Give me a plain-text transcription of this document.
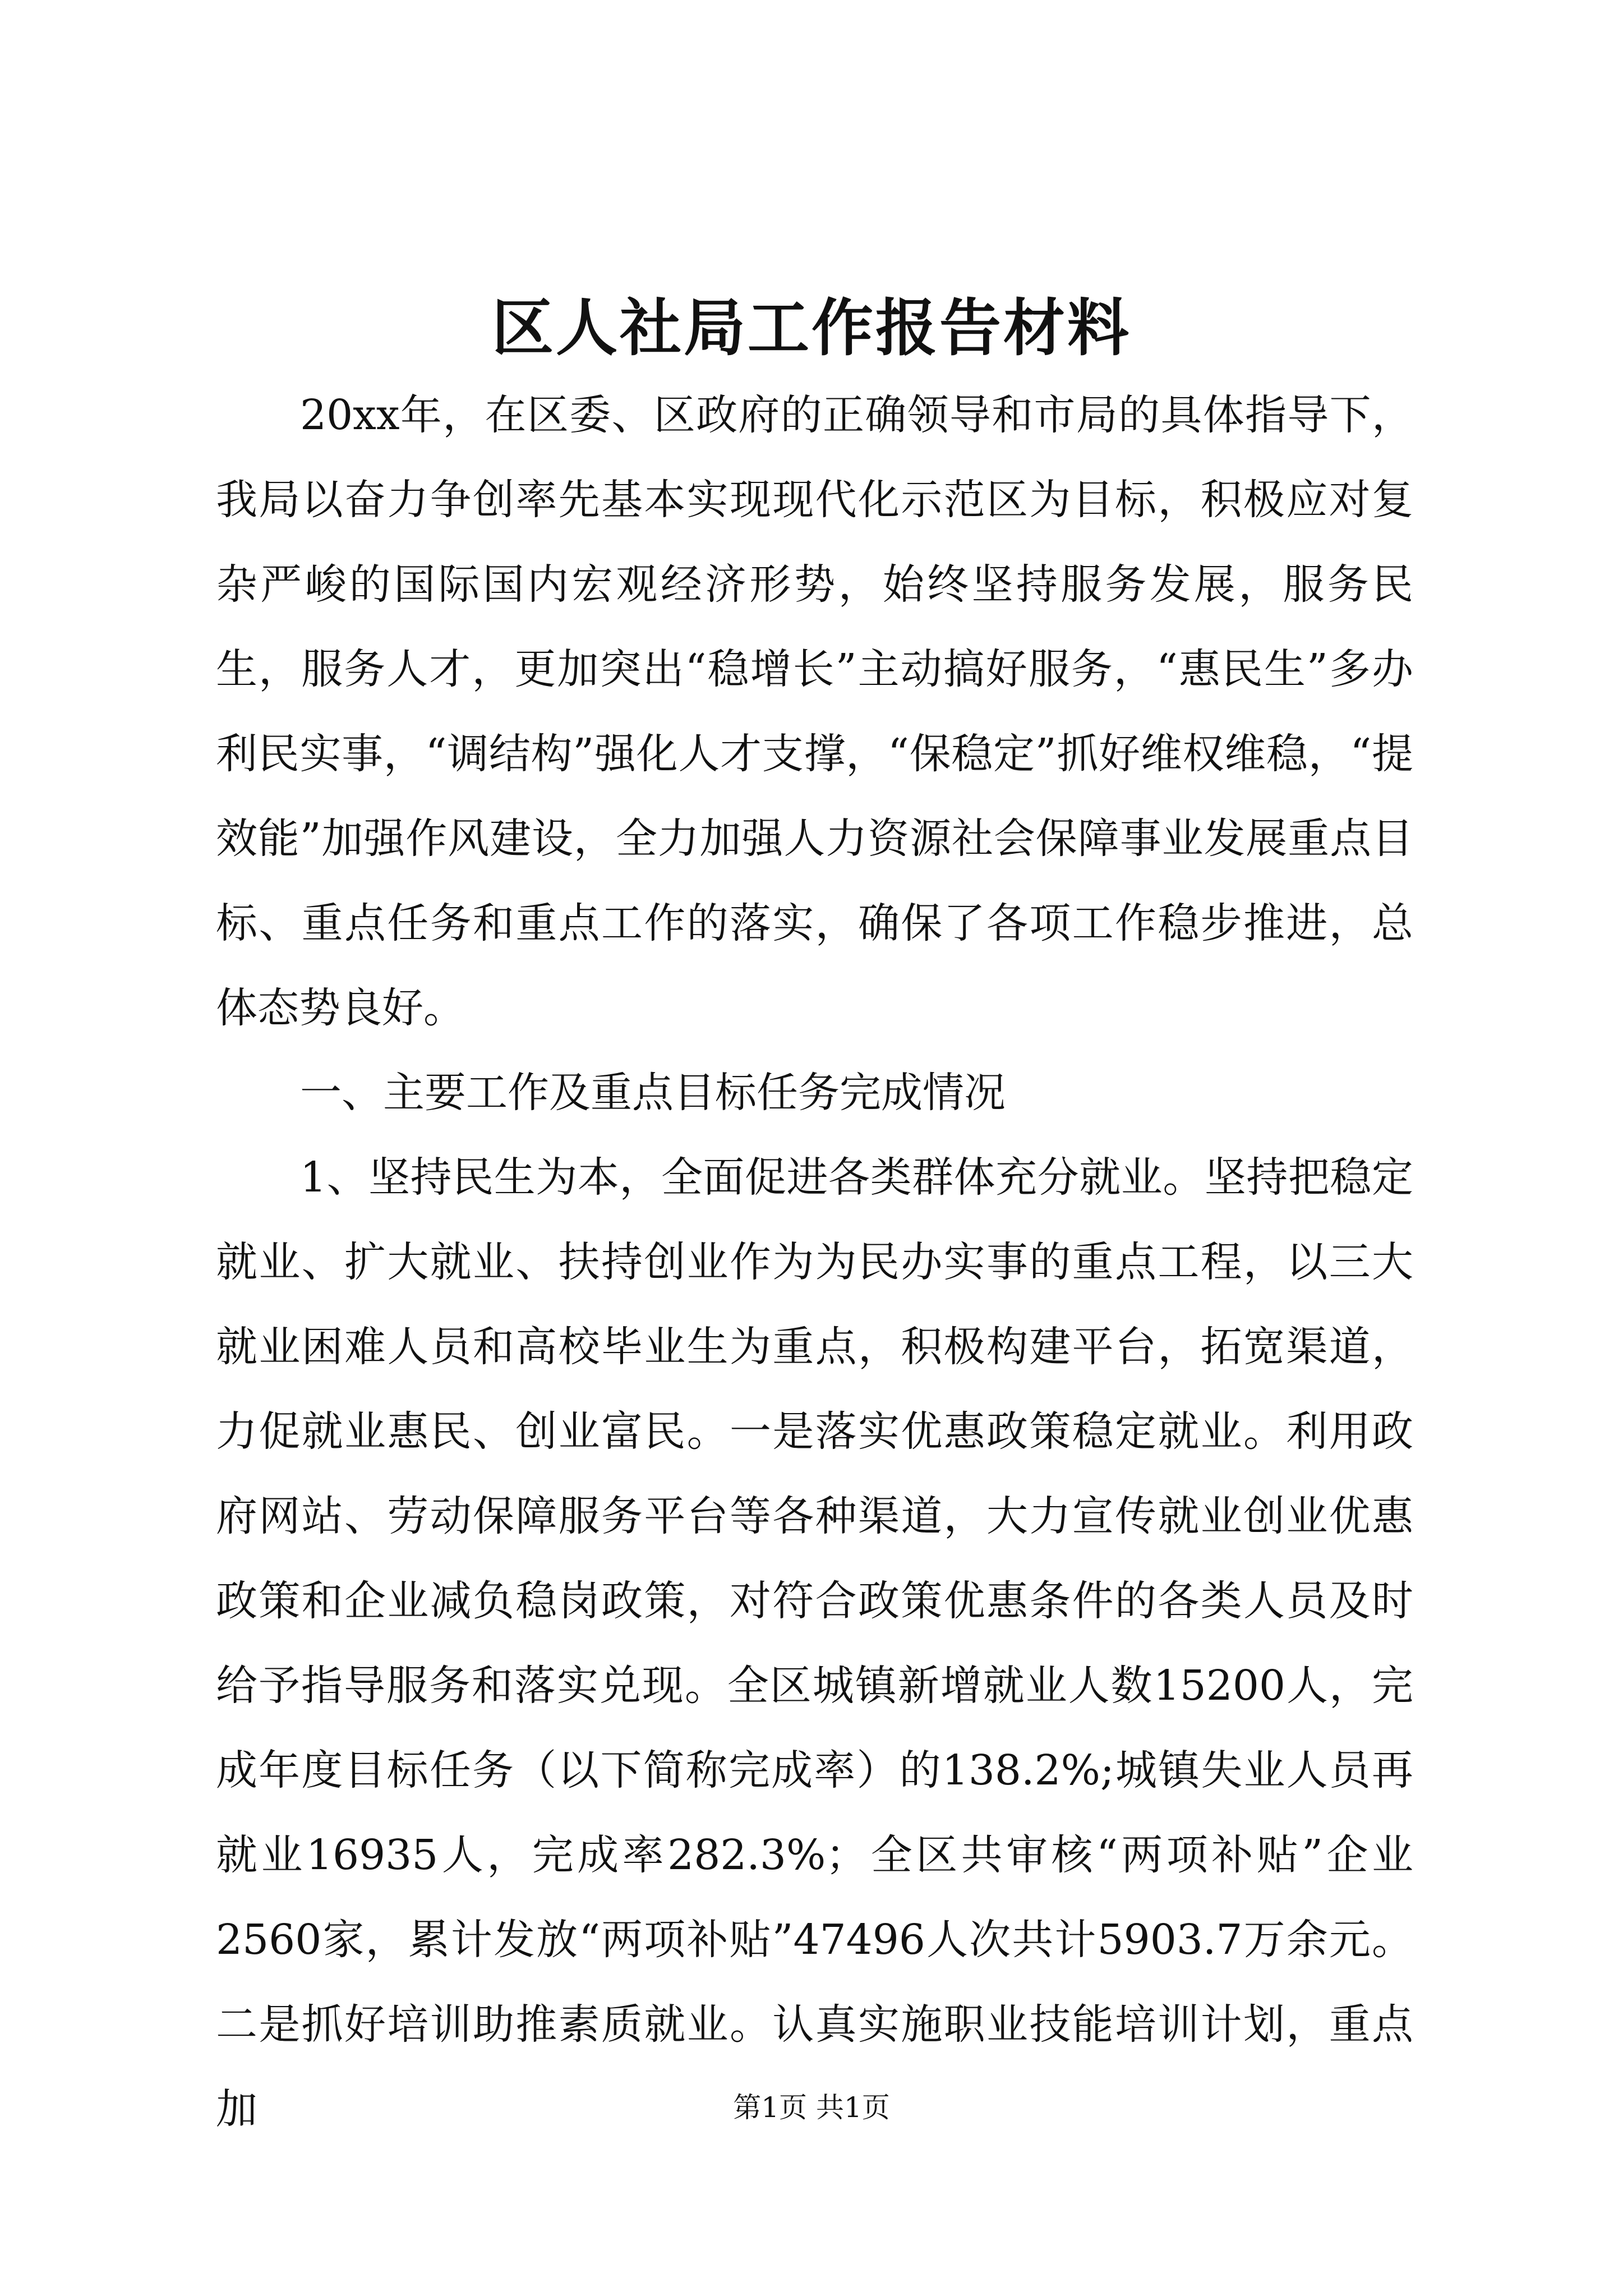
区人社局工作报告材料

20xx年，在区委、区政府的正确领导和市局的具体指导下，我局以奋力争创率先基本实现现代化示范区为目标，积极应对复杂严峻的国际国内宏观经济形势，始终坚持服务发展，服务民生，服务人才，更加突出“稳增长”主动搞好服务，“惠民生”多办利民实事，“调结构”强化人才支撑，“保稳定”抓好维权维稳，“提效能”加强作风建设，全力加强人力资源社会保障事业发展重点目标、重点任务和重点工作的落实，确保了各项工作稳步推进，总体态势良好。

一、主要工作及重点目标任务完成情况

1、坚持民生为本，全面促进各类群体充分就业。坚持把稳定就业、扩大就业、扶持创业作为为民办实事的重点工程，以三大就业困难人员和高校毕业生为重点，积极构建平台，拓宽渠道，力促就业惠民、创业富民。一是落实优惠政策稳定就业。利用政府网站、劳动保障服务平台等各种渠道，大力宣传就业创业优惠政策和企业减负稳岗政策，对符合政策优惠条件的各类人员及时给予指导服务和落实兑现。全区城镇新增就业人数15200人，完成年度目标任务（以下简称完成率）的138.2%;城镇失业人员再就业16935人，完成率282.3%；全区共审核“两项补贴”企业2560家，累计发放“两项补贴”47496人次共计5903.7万余元。二是抓好培训助推素质就业。认真实施职业技能培训计划，重点加	第1页 共1页
